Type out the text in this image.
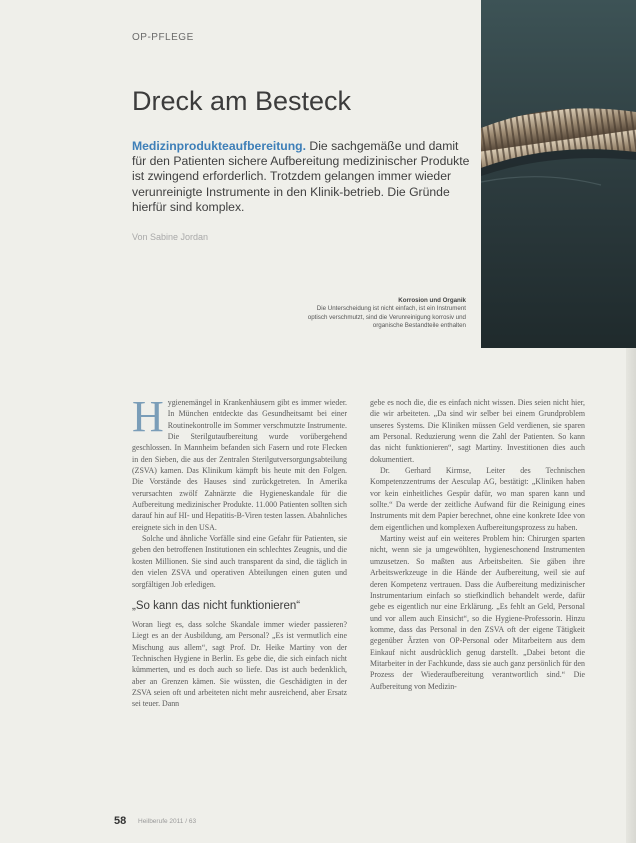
OP-PFLEGE
Dreck am Besteck

Medizinprodukteaufbereitung. Die sachgemäße und damit für den Patienten sichere Aufbereitung medizinischer Produkte ist zwingend erforderlich. Trotzdem gelangen immer wieder verunreinigte Instrumente in den Klinik-betrieb. Die Gründe hierfür sind komplex.

Von Sabine Jordan
Korrosion und Organik
Die Unterscheidung ist nicht einfach, ist ein Instrument optisch verschmutzt, sind die Verunreinigung korrosiv und organische Bestandteile enthalten

Hygienemängel in Krankenhäusern gibt es immer wieder. In München entdeckte das Gesundheitsamt bei einer Routinekontrolle im Sommer verschmutzte Instrumente. Die Sterilgutaufbereitung wurde vorübergehend geschlossen. In Mannheim befanden sich Fasern und rote Flecken in den Sieben, die aus der Zentralen Sterilgutversorgungsabteilung (ZSVA) kamen. Das Klinikum kämpft bis heute mit den Folgen. Die Vorstände des Hauses sind zurückgetreten. In Amerika verursachten zwölf Zahnärzte die Hygieneskandale für die Aufbereitung medizinischer Produkte. 11.000 Patienten sollten sich darauf hin auf HI- und Hepatitis-B-Viren testen lassen. Abahnliches ereignete sich in den USA.

Solche und ähnliche Vorfälle sind eine Gefahr für Patienten, sie geben den betroffenen Institutionen ein schlechtes Zeugnis, und die kosten Millionen. Sie sind auch transparent da sind, die täglich in den vielen ZSVA und operativen Abteilungen einen guten und sorgfältigen Job erledigen.

„So kann das nicht funktionieren“

Woran liegt es, dass solche Skandale immer wieder passieren? Liegt es an der Ausbildung, am Personal? „Es ist vermutlich eine Mischung aus allem“, sagt Prof. Dr. Heike Martiny von der Technischen Hygiene in Berlin. Es gebe die, die sich einfach nicht kümmerten, und es doch auch so liefe. Das ist auch bedenklich, aber an Grenzen kämen. Sie wüssten, die Geschädigten in der ZSVA seien oft und arbeiteten nicht mehr ausreichend, aber Ersatz sei teuer. Dann

gebe es noch die, die es einfach nicht wissen. Dies seien nicht hier, die wir arbeiteten. „Da sind wir selber bei einem Grundproblem unseres Systems. Die Kliniken müssen Geld verdienen, sie sparen am Personal. Reduzierung wenn die Zahl der Patienten. So kann das nicht funktionieren“, sagt Martiny. Investitionen dies auch dokumentiert.

Dr. Gerhard Kirmse, Leiter des Technischen Kompetenzzentrums der Aesculap AG, bestätigt: „Kliniken haben vor kein einheitliches Gespür dafür, wo man sparen kann und sollte.“ Da werde der zeitliche Aufwand für die Reinigung eines Instruments mit dem Papier berechnet, ohne eine konkrete Idee von dem eigentlichen und komplexen Aufbereitungsprozess zu haben.

Martiny weist auf ein weiteres Problem hin: Chirurgen sparten nicht, wenn sie ja umgewöhlten, hygieneschonend Instrumenten umzusetzen. So maßten aus Arbeitsbeiten. Sie gäben ihre Arbeitswerkzeuge in die Hände der Aufbereitung, weil sie auf deren Kompetenz vertrauen. Dass die Aufbereitung medizinischer Instrumentarium einfach so stiefkindlich behandelt werde, dafür gebe es eigentlich nur eine Erklärung. „Es fehlt an Geld, Personal und vor allem auch Einsicht“, so die Hygiene-Professorin. Hinzu komme, dass das Personal in den ZSVA oft der eigene Tätigkeit gegenüber Ärzten von OP-Personal oder Mitarbeitern aus dem Einkauf nicht ausdrücklich genug darstellt. „Dabei betont die Mitarbeiter in der Fachkunde, dass sie auch ganz persönlich für den Prozess der Wiederaufbereitung verantwortlich sind.“ Die Aufbereitung von Medizin-

58 Heilberufe 2011 / 63
